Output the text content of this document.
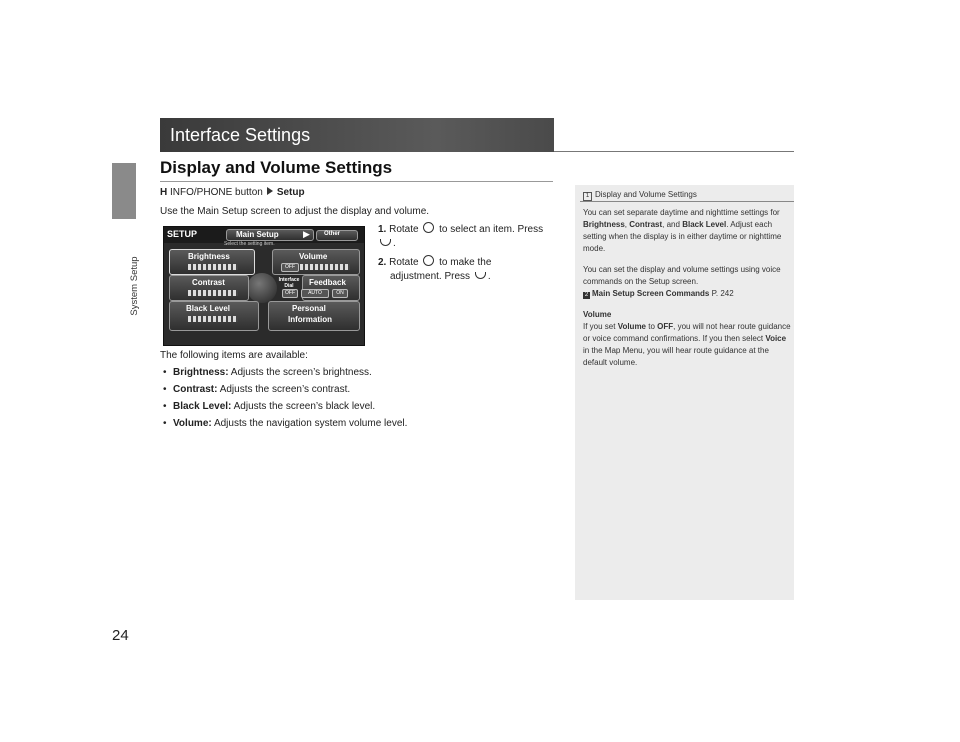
System Setup
24
Interface Settings
Display and Volume Settings
H INFO/PHONE button Setup
Use the Main Setup screen to adjust the display and volume.
1. Rotate to select an item. Press
.
2. Rotate to make the
adjustment. Press .
SETUP	Main Setup	▶ Other
Select the setting item.
Brightness	Volume
OFF
Interface Dial
Contrast	Feedback
OFF	AUTO	ON
Black Level	Personal
Information
The following items are available:
• Brightness: Adjusts the screen’s brightness.
• Contrast: Adjusts the screen’s contrast.
• Black Level: Adjusts the screen’s black level.
• Volume: Adjusts the navigation system volume level.
1 Display and Volume Settings

You can set separate daytime and nighttime settings for Brightness, Contrast, and Black Level. Adjust each setting when the display is in either daytime or nighttime mode.

You can set the display and volume settings using voice commands on the Setup screen.
2 Main Setup Screen Commands P. 242

Volume
If you set Volume to OFF, you will not hear route guidance or voice command confirmations. If you then select Voice in the Map Menu, you will hear route guidance at the default volume.
